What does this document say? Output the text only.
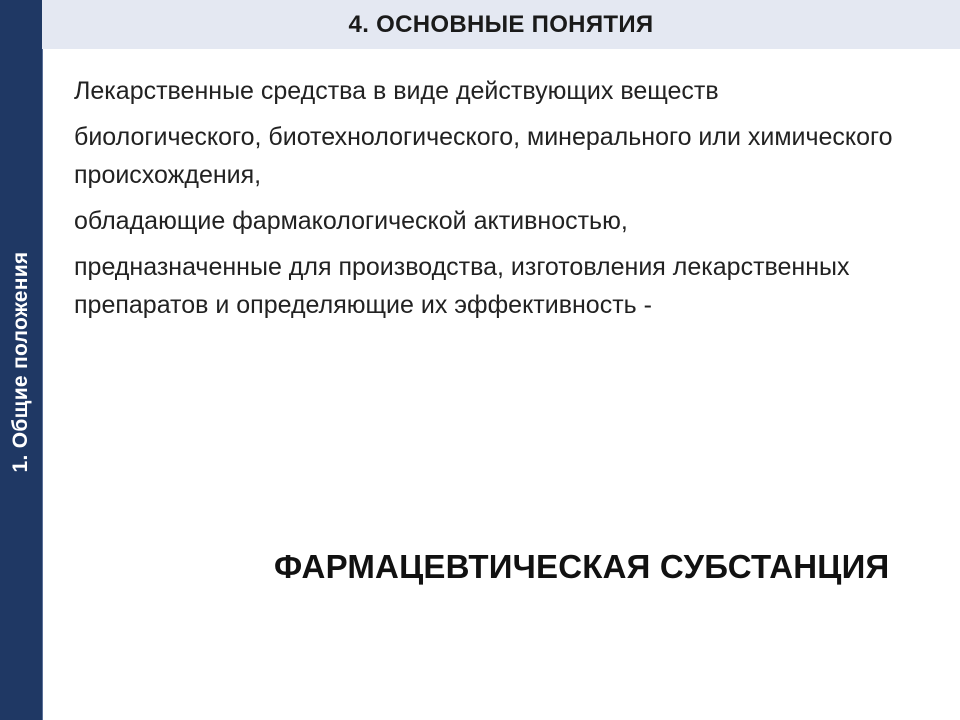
1. Общие положения
4. ОСНОВНЫЕ ПОНЯТИЯ

Лекарственные средства в виде действующих веществ

биологического, биотехнологического, минерального или химического происхождения,

обладающие фармакологической активностью,

предназначенные для производства, изготовления лекарственных препаратов и определяющие их эффективность -

ФАРМАЦЕВТИЧЕСКАЯ СУБСТАНЦИЯ
